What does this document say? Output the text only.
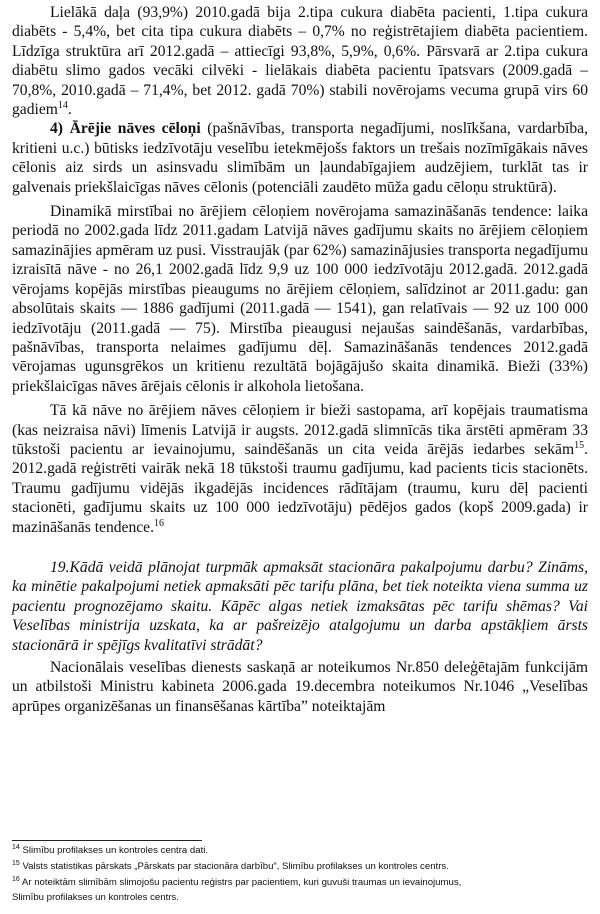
Lielākā daļa (93,9%) 2010.gadā bija 2.tipa cukura diabēta pacienti, 1.tipa cukura diabēts - 5,4%, bet cita tipa cukura diabēts – 0,7% no reģistrētajiem diabēta pacientiem. Līdzīga struktūra arī 2012.gadā – attiecīgi 93,8%, 5,9%, 0,6%. Pārsvarā ar 2.tipa cukura diabētu slimo gados vecāki cilvēki - lielākais diabēta pacientu īpatsvars (2009.gadā – 70,8%, 2010.gadā – 71,4%, bet 2012. gadā 70%) stabili novērojams vecuma grupā virs 60 gadiem$^{14}$.

4) Ārējie nāves cēloņi (pašnāvības, transporta negadījumi, noslīkšana, vardarbība, kritieni u.c.) būtisks iedzīvotāju veselību ietekmējošs faktors un trešais nozīmīgākais nāves cēlonis aiz sirds un asinsvadu slimībām un ļaundabīgajiem audzējiem, turklāt tas ir galvenais priekšlaicīgas nāves cēlonis (potenciāli zaudēto mūža gadu cēloņu struktūrā).

Dinamikā mirstībai no ārējiem cēloņiem novērojama samazināšanās tendence: laika periodā no 2002.gada līdz 2011.gadam Latvijā nāves gadījumu skaits no ārējiem cēloņiem samazinājies apmēram uz pusi. Visstraujāk (par 62%) samazinājusies transporta negadījumu izraisītā nāve - no 26,1 2002.gadā līdz 9,9 uz 100 000 iedzīvotāju 2012.gadā. 2012.gadā vērojams kopējās mirstības pieaugums no ārējiem cēloņiem, salīdzinot ar 2011.gadu: gan absolūtais skaits — 1886 gadījumi (2011.gadā — 1541), gan relatīvais — 92 uz 100 000 iedzīvotāju (2011.gadā — 75). Mirstība pieaugusi nejaušas saindēšanās, vardarbības, pašnāvības, transporta nelaimes gadījumu dēļ. Samazināšanās tendences 2012.gadā vērojamas ugunsgrēkos un kritienu rezultātā bojāgājušo skaita dinamikā. Bieži (33%) priekšlaicīgas nāves ārējais cēlonis ir alkohola lietošana.

Tā kā nāve no ārējiem nāves cēloņiem ir bieži sastopama, arī kopējais traumatisma (kas neizraisa nāvi) līmenis Latvijā ir augsts. 2012.gadā slimnīcās tika ārstēti apmēram 33 tūkstoši pacientu ar ievainojumu, saindēšanās un cita veida ārējās iedarbes sekām$^{15}$. 2012.gadā reģistrēti vairāk nekā 18 tūkstoši traumu gadījumu, kad pacients ticis stacionēts. Traumu gadījumu vidējās ikgadējās incidences rādītājam (traumu, kuru dēļ pacienti stacionēti, gadījumu skaits uz 100 000 iedzīvotāju) pēdējos gados (kopš 2009.gada) ir mazināšanās tendence.$^{16}$

19.Kādā veidā plānojat turpmāk apmaksāt stacionāra pakalpojumu darbu? Zināms, ka minētie pakalpojumi netiek apmaksāti pēc tarifu plāna, bet tiek noteikta viena summa uz pacientu prognozējamo skaitu. Kāpēc algas netiek izmaksātas pēc tarifu shēmas? Vai Veselības ministrija uzskata, ka ar pašreizējo atalgojumu un darba apstākļiem ārsts stacionārā ir spējīgs kvalitatīvi strādāt?

Nacionālais veselības dienests saskaņā ar noteikumos Nr.850 deleģētajām funkcijām un atbilstoši Ministru kabineta 2006.gada 19.decembra noteikumos Nr.1046 „Veselības aprūpes organizēšanas un finansēšanas kārtība” noteiktajām

$^{14}$ Slimību profilakses un kontroles centra dati.

$^{15}$ Valsts statistikas pārskats „Pārskats par stacionāra darbību”, Slimību profilakses un kontroles centrs.

$^{16}$ Ar noteiktām slimībām slimojošu pacientu reģistrs par pacientiem, kuri guvuši traumas un ievainojumus,

Slimību profilakses un kontroles centrs.
